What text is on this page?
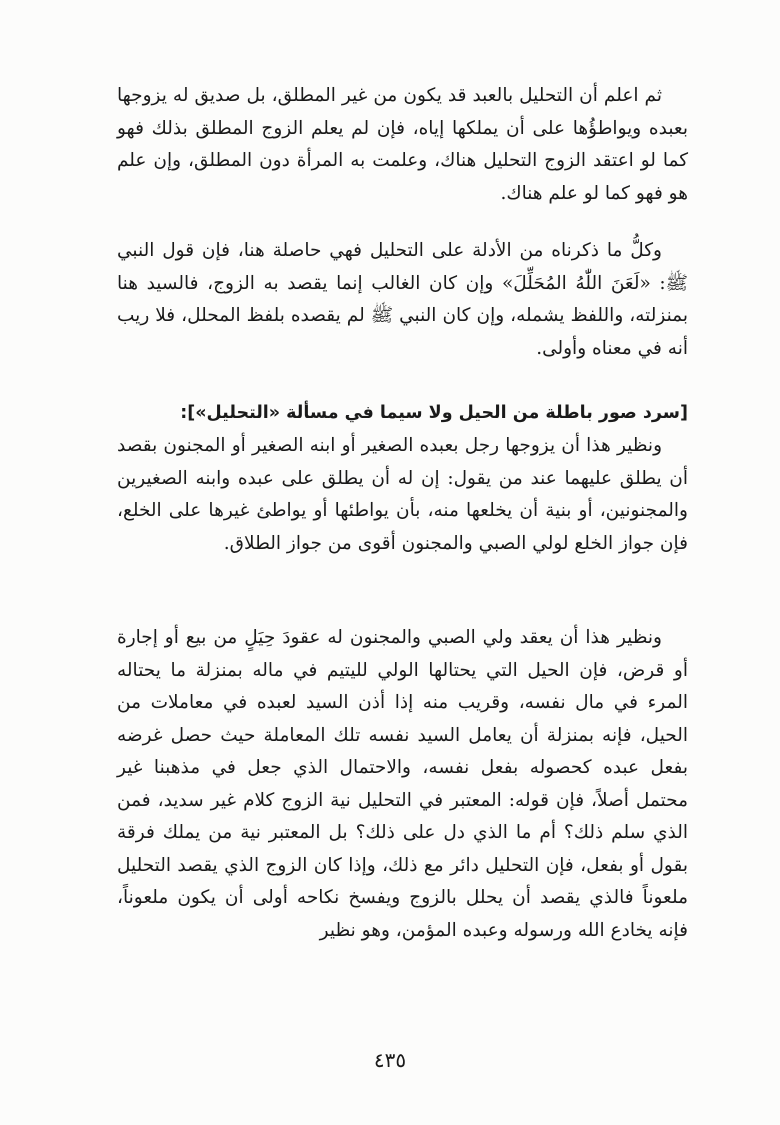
ثم اعلم أن التحليل بالعبد قد يكون من غير المطلق، بل صديق له يزوجها بعبده ويواطؤُها على أن يملكها إياه، فإن لم يعلم الزوج المطلق بذلك فهو كما لو اعتقد الزوج التحليل هناك، وعلمت به المرأة دون المطلق، وإن علم هو فهو كما لو علم هناك.

وكلُّ ما ذكرناه من الأدلة على التحليل فهي حاصلة هنا، فإن قول النبي ﷺ: «لَعَنَ اللّٰهُ المُحَلِّلَ» وإن كان الغالب إنما يقصد به الزوج، فالسيد هنا بمنزلته، واللفظ يشمله، وإن كان النبي ﷺ لم يقصده بلفظ المحلل، فلا ريب أنه في معناه وأولى.

[سرد صور باطلة من الحيل ولا سيما في مسألة «التحليل»]:

ونظير هذا أن يزوجها رجل بعبده الصغير أو ابنه الصغير أو المجنون بقصد أن يطلق عليهما عند من يقول: إن له أن يطلق على عبده وابنه الصغيرين والمجنونين، أو بنية أن يخلعها منه، بأن يواطئها أو يواطئ غيرها على الخلع، فإن جواز الخلع لولي الصبي والمجنون أقوى من جواز الطلاق.

ونظير هذا أن يعقد ولي الصبي والمجنون له عقودَ حِيَلٍ من بيع أو إجارة أو قرض، فإن الحيل التي يحتالها الولي لليتيم في ماله بمنزلة ما يحتاله المرء في مال نفسه، وقريب منه إذا أذن السيد لعبده في معاملات من الحيل، فإنه بمنزلة أن يعامل السيد نفسه تلك المعاملة حيث حصل غرضه بفعل عبده كحصوله بفعل نفسه، والاحتمال الذي جعل في مذهبنا غير محتمل أصلاً، فإن قوله: المعتبر في التحليل نية الزوج كلام غير سديد، فمن الذي سلم ذلك؟ أم ما الذي دل على ذلك؟ بل المعتبر نية من يملك فرقة بقول أو بفعل، فإن التحليل دائر مع ذلك، وإذا كان الزوج الذي يقصد التحليل ملعوناً فالذي يقصد أن يحلل بالزوج ويفسخ نكاحه أولى أن يكون ملعوناً، فإنه يخادع الله ورسوله وعبده المؤمن، وهو نظير

٤٣٥
